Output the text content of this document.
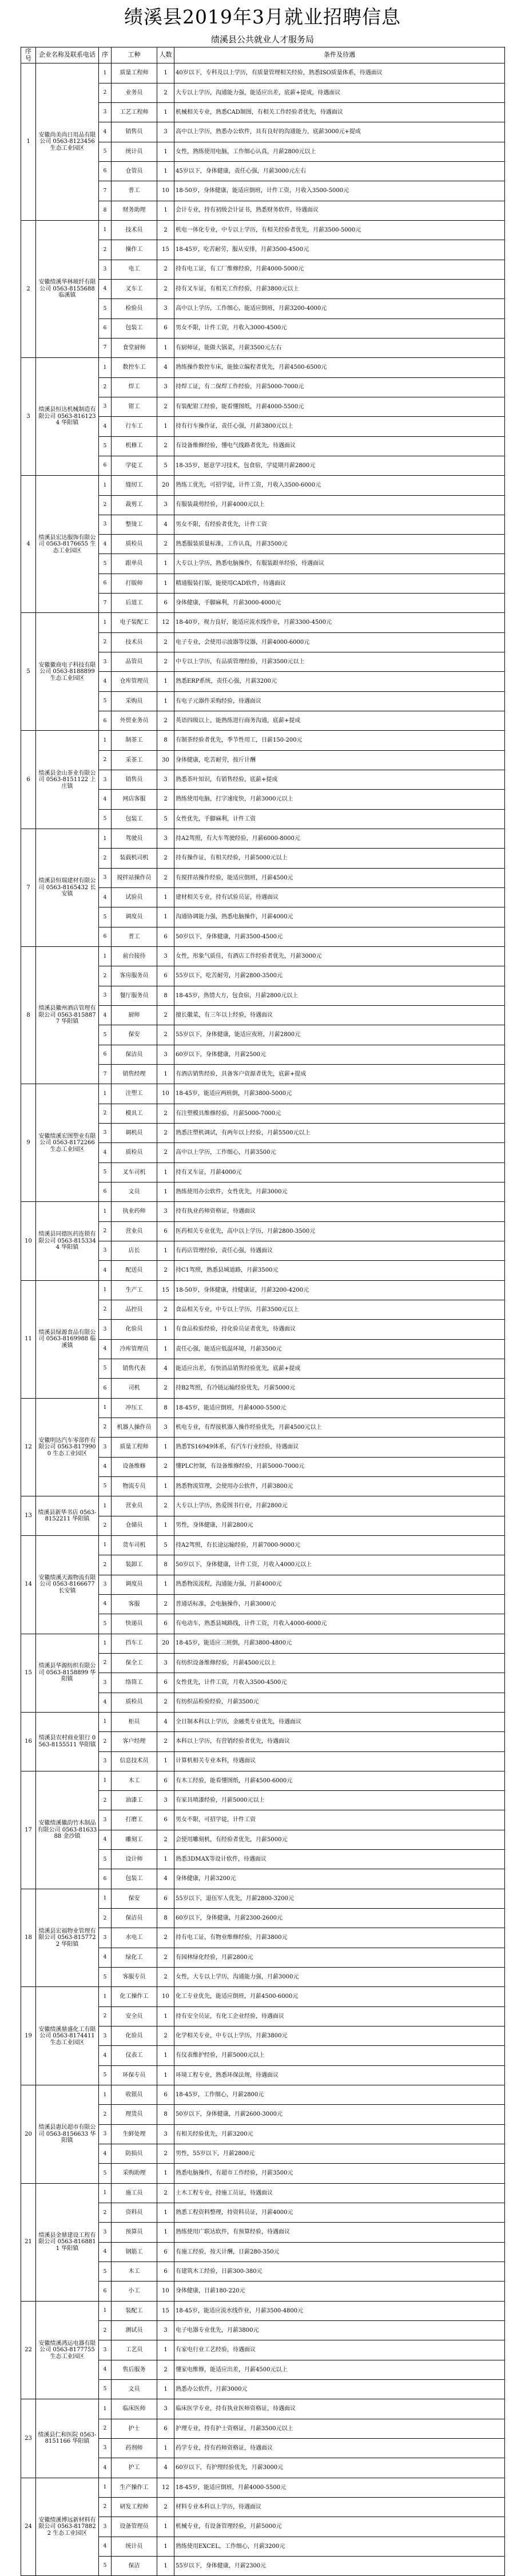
绩溪县2019年3月就业招聘信息
绩溪县公共就业人才服务局
序号	企业名称及联系电话	序	工种	人数	条件及待遇
1	安徽尚美尚日用品有限公司 0563-8123456 生态工业园区	1	质量工程师	1	40岁以下，专科及以上学历，有质量管理相关经验，熟悉ISO质量体系，待遇面议
		2	业务员	2	大专以上学历，沟通能力强，能适应出差，底薪+提成，待遇面议
		3	工艺工程师	1	机械相关专业，熟悉CAD制图，有相关工作经验者优先，待遇面议
		4	销售员	3	高中以上学历，熟悉办公软件，具有良好的沟通能力，底薪3000元+提成
		5	统计员	1	女性，熟练使用电脑，工作细心认真，月薪2800元以上
		6	仓管员	1	45岁以下，身体健康，责任心强，月薪3000元左右
		7	普工	10	18-50岁，身体健康，能适应倒班，计件工资，月收入3500-5000元
		8	财务助理	1	会计专业，持有初级会计证书，熟悉财务软件，待遇面议
2	安徽绩溪华林玻纤有限公司 0563-8155688 临溪镇	1	技术员	2	机电一体化专业，中专以上学历，有相关经验者优先，月薪3500-5000元
		2	操作工	15	18-45岁，吃苦耐劳，服从安排，月薪3500-4500元
		3	电工	2	持有电工证，有工厂维修经验，月薪4000-5000元
		4	叉车工	2	持有叉车证，有相关工作经验，月薪3800元以上
		5	检验员	3	高中以上学历，工作细心，能适应倒班，月薪3200-4000元
		6	包装工	6	男女不限，计件工资，月收入3000-4500元
		7	食堂厨师	1	有厨师证，能做大锅菜，月薪3500元左右
3	绩溪县恒达机械制造有限公司 0563-8161234 华阳镇	1	数控车工	4	熟练操作数控车床，能独立编程者优先，月薪4500-6500元
		2	焊工	3	持焊工证，有二保焊工作经验，月薪5000-7000元
		3	钳工	2	有装配钳工经验，能看懂图纸，月薪4000-5500元
		4	行车工	1	持有行车操作证，责任心强，月薪3800元以上
		5	机修工	2	有设备维修经验，懂电气线路者优先，待遇面议
		6	学徒工	5	18-35岁，愿意学习技术，包食宿，学徒期月薪2800元
4	绩溪县宏达服饰有限公司 0563-8176655 生态工业园区	1	缝纫工	20	熟练工优先，可招学徒，计件工资，月收入3500-6000元
		2	裁剪工	3	有服装裁剪经验，月薪4000元以上
		3	整烫工	4	男女不限，有经验者优先，计件工资
		4	质检员	2	熟悉服装质量标准，工作认真，月薪3500元
		5	跟单员	1	大专以上学历，熟悉电脑操作，有服装跟单经验，待遇面议
		6	打版师	1	精通服装打版，能使用CAD软件，待遇面议
		7	后道工	6	身体健康，手脚麻利，月薪3000-4000元
5	安徽徽商电子科技有限公司 0563-8188899 生态工业园区	1	电子装配工	12	18-40岁，视力良好，能适应流水线作业，月薪3300-4500元
		2	技术员	2	电子专业，会使用示波器等仪器，月薪4000-6000元
		3	品管员	2	中专以上学历，有品质管理经验，月薪3500元以上
		4	仓库管理员	1	熟悉ERP系统，责任心强，月薪3200元
		5	采购员	1	有电子元器件采购经验，待遇面议
		6	外贸业务员	2	英语四级以上，能熟练进行商务沟通，底薪+提成
6	绩溪县金山茶业有限公司 0563-8151122 上庄镇	1	制茶工	8	有制茶经验者优先，季节性用工，日薪150-200元
		2	采茶工	30	身体健康，吃苦耐劳，按斤计酬
		3	销售员	3	熟悉茶叶知识，有销售经验，底薪+提成
		4	网店客服	2	熟练使用电脑，打字速度快，月薪3000元以上
		5	包装工	5	女性优先，手脚麻利，计件工资
7	绩溪县恒瑞建材有限公司 0563-8165432 长安镇	1	驾驶员	3	持A2驾照，有大车驾驶经验，月薪6000-8000元
		2	装载机司机	2	持有操作证，有相关经验，月薪5000元以上
		3	搅拌站操作员	2	有搅拌站操作经验，能适应倒班，月薪4500元
		4	试验员	1	建材相关专业，持有试验员证，待遇面议
		5	调度员	1	沟通协调能力强，熟悉电脑操作，月薪4000元
		6	普工	6	50岁以下，身体健康，月薪3500-4500元
8	绩溪县徽州酒店管理有限公司 0563-8158877 华阳镇	1	前台接待	3	女性，形象气质佳，有酒店工作经验者优先，月薪3000元
		2	客房服务员	6	55岁以下，吃苦耐劳，月薪2800-3500元
		3	餐厅服务员	8	18-45岁，热情大方，包食宿，月薪2800元以上
		4	厨师	2	擅长徽菜，有三年以上经验，待遇面议
		5	保安	2	55岁以下，身体健康，能适应夜班，月薪2800元
		6	保洁员	3	60岁以下，身体健康，月薪2500元
		7	销售经理	1	有酒店销售经验，具备客户资源者优先，底薪+提成
9	安徽绩溪宏图塑业有限公司 0563-8172266 生态工业园区	1	注塑工	10	18-45岁，能适应两班倒，月薪3800-5000元
		2	模具工	2	有注塑模具维修经验，月薪5000-7000元
		3	调机员	2	熟悉注塑机调试，有两年以上经验，月薪5500元以上
		4	质检员	2	高中以上学历，工作细心，月薪3500元
		5	叉车司机	1	持有叉车证，月薪4000元
		6	文员	1	熟练使用办公软件，女性优先，月薪3000元
10	绩溪县同德医药连锁有限公司 0563-8153344 华阳镇	1	执业药师	3	持有执业药师资格证，待遇面议
		2	营业员	6	医药相关专业优先，高中以上学历，月薪2800-3500元
		3	店长	1	有药店管理经验，责任心强，待遇面议
		4	配送员	2	持C1驾照，熟悉县城道路，月薪3500元
11	绩溪县绿源食品有限公司 0563-8169988 临溪镇	1	生产工	15	18-50岁，身体健康，持健康证，月薪3200-4200元
		2	品控员	2	食品相关专业，中专以上学历，月薪3500元以上
		3	化验员	1	有食品检验经验，持化验员证者优先，待遇面议
		4	冷库管理员	1	责任心强，能适应低温环境，月薪3500元
		5	销售代表	4	能适应出差，有快消品销售经验优先，底薪+提成
		6	司机	2	持B2驾照，有冷链运输经验优先，月薪5000元
12	安徽明达汽车零部件有限公司 0563-8179900 生态工业园区	1	冲压工	8	18-45岁，能适应倒班，月薪4000-5500元
		2	机器人操作员	3	机电专业，有焊接机器人操作经验优先，月薪4500元以上
		3	质量工程师	1	熟悉TS16949体系，有汽车行业经验，待遇面议
		4	设备维修	2	懂PLC控制，有设备维修经验，月薪5000-7000元
		5	物流专员	1	熟悉物流管理，会使用办公软件，月薪3800元
13	绩溪县新华书店 0563-8152211 华阳镇	1	营业员	2	大专以上学历，热爱图书行业，月薪2800元
		2	仓储员	1	男性，身体健康，月薪2800元
14	安徽绩溪天源物流有限公司 0563-8166677 长安镇	1	货车司机	5	持A2驾照，有长途运输经验，月薪7000-9000元
		2	装卸工	8	50岁以下，身体健康，计件工资，月收入4000元以上
		3	调度员	1	熟悉物流流程，沟通能力强，月薪4000元
		4	客服	2	普通话标准，会电脑操作，月薪3000元
		5	快递员	6	有电动车，熟悉县城路线，计件工资，月收入4000-6000元
15	绩溪县华源纺织有限公司 0563-8158899 华阳镇	1	挡车工	20	18-45岁，能适应三班倒，月薪3800-4800元
		2	保全工	3	有纺织设备维修经验，月薪4500元以上
		3	络筒工	6	女性优先，计件工资，月收入3500-4500元
		4	质检员	2	有纺织品检验经验，月薪3500元
16	绩溪县农村商业银行 0563-8155511 华阳镇	1	柜员	4	全日制本科以上学历，金融类专业优先，待遇面议
		2	客户经理	2	本科以上学历，有营销经验者优先，待遇面议
		3	信息技术员	1	计算机相关专业本科，待遇面议
17	安徽绩溪徽韵竹木制品有限公司 0563-8163388 金沙镇	1	木工	6	有木工经验，能看懂图纸，月薪4500-6000元
		2	油漆工	3	有家具喷漆经验，月薪5000元以上
		3	打磨工	6	男女不限，可招学徒，计件工资
		4	雕刻工	2	会使用雕刻机，有经验者优先，月薪5000元
		5	设计师	1	熟悉3DMAX等设计软件，待遇面议
		6	包装工	4	身体健康，月薪3200元
18	绩溪县宏福物业管理有限公司 0563-8157722 华阳镇	1	保安	6	55岁以下，退伍军人优先，月薪2800-3200元
		2	保洁员	8	60岁以下，身体健康，月薪2300-2600元
		3	水电工	2	持有电工证，有物业维修经验，月薪3800元
		4	绿化工	2	有园林绿化经验，月薪2800元
		5	客服专员	2	女性，大专以上学历，沟通能力强，月薪3000元
19	安徽绩溪鼎盛化工有限公司 0563-8174411 生态工业园区	1	化工操作工	10	化工专业优先，能适应倒班，月薪4500-6000元
		2	安全员	1	持有安全员证，有化工企业经验，待遇面议
		3	化验员	2	化学相关专业，中专以上学历，月薪3800元
		4	仪表工	1	有仪表维护经验，月薪5000元以上
		5	环保专员	1	环境工程专业，熟悉环保法规，待遇面议
20	绩溪县惠民超市有限公司 0563-8156633 华阳镇	1	收银员	6	18-45岁，工作细心，月薪2800元
		2	理货员	8	50岁以下，身体健康，月薪2600-3000元
		3	生鲜处理	3	有相关经验优先，月薪3200元
		4	防损员	2	男性，55岁以下，月薪2800元
		5	采购助理	1	熟悉电脑操作，有超市工作经验，月薪3500元
21	绩溪县金鼎建设工程有限公司 0563-8168811 华阳镇	1	施工员	2	土木工程专业，持施工员证，待遇面议
		2	资料员	1	熟悉工程资料整理，持资料员证，月薪4000元
		3	预算员	1	熟练使用广联达软件，有预算经验，待遇面议
		4	钢筋工	6	有施工经验，按天计酬，日薪280-350元
		5	木工	6	有建筑木工经验，日薪300-380元
		6	小工	10	身体健康，日薪180-220元
22	安徽绩溪鸿运电器有限公司 0563-8177755 生态工业园区	1	装配工	15	18-45岁，能适应流水线作业，月薪3500-4800元
		2	测试员	3	电子电器专业优先，月薪3800元
		3	工艺员	1	有家电行业工艺经验，待遇面议
		4	售后服务	2	懂家电维修，能适应出差，月薪4500元以上
		5	文员	1	熟悉办公软件，月薪3000元
23	绩溪县仁和医院 0563-8151166 华阳镇	1	临床医师	3	临床医学专业，持有执业医师资格证，待遇面议
		2	护士	6	护理专业，持有护士资格证，月薪3500元以上
		3	药剂师	1	药学专业，持有药师资格证，待遇面议
		4	护工	4	60岁以下，有护理经验优先，月薪3000元
24	安徽绩溪博远新材料有限公司 0563-8178822 生态工业园区	1	生产操作工	12	18-45岁，能适应倒班，月薪4000-5500元
		2	研发工程师	2	材料专业本科以上学历，待遇面议
		3	设备管理员	1	机械专业，有设备管理经验，月薪5000元
		4	统计员	1	熟练使用EXCEL，工作细心，月薪3200元
		5	保洁	1	55岁以下，身体健康，月薪2300元
